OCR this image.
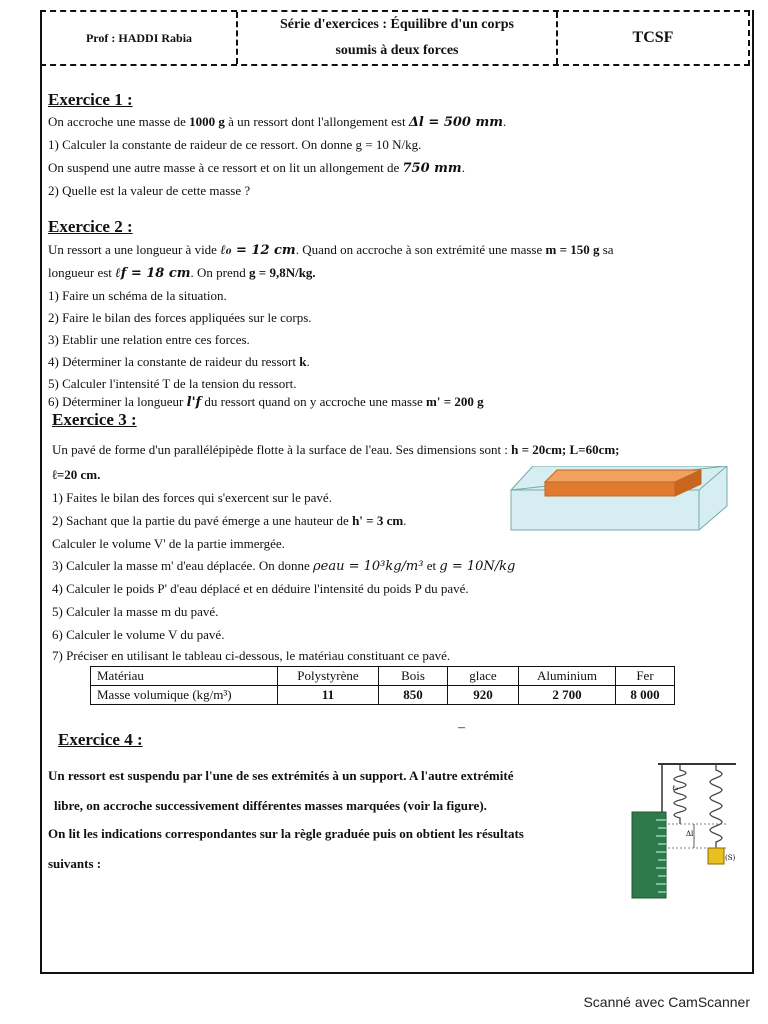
Prof : HADDI Rabia
Série d'exercices : Équilibre d'un corps
soumis à deux forces
TCSF
Exercice 1 :
On accroche une masse de 1000 g à un ressort dont l'allongement est Δl = 500 mm.
1) Calculer la constante de raideur de ce ressort. On donne g = 10 N/kg.
On suspend une autre masse à ce ressort et on lit un allongement de 750 mm.
2) Quelle est la valeur de cette masse ?
Exercice 2 :
Un ressort a une longueur à vide ℓ₀ = 12 cm. Quand on accroche à son extrémité une masse m = 150 g sa
longueur est ℓf = 18 cm. On prend g = 9,8N/kg.
1) Faire un schéma de la situation.
2) Faire le bilan des forces appliquées sur le corps.
3) Etablir une relation entre ces forces.
4) Déterminer la constante de raideur du ressort k.
5) Calculer l'intensité T de la tension du ressort.
6) Déterminer la longueur l'f du ressort quand on y accroche une masse m' = 200 g
Exercice 3 :
Un pavé de forme d'un parallélépipède flotte à la surface de l'eau. Ses dimensions sont : h = 20cm; L=60cm;
ℓ=20 cm.
1) Faites le bilan des forces qui s'exercent sur le pavé.
2) Sachant que la partie du pavé émerge a une hauteur de h' = 3 cm.
Calculer le volume V' de la partie immergée.
3) Calculer la masse m' d'eau déplacée. On donne ρeau = 10³kg/m³ et g = 10N/kg
4) Calculer le poids P' d'eau déplacé et en déduire l'intensité du poids P du pavé.
5) Calculer la masse m du pavé.
6) Calculer le volume V du pavé.
7) Préciser en utilisant le tableau ci-dessous, le matériau constituant ce pavé.
Matériau	Polystyrène	Bois	glace	Aluminium	Fer
Masse volumique (kg/m³)	11	850	920	2 700	8 000
–
Exercice 4 :
Un ressort est suspendu par l'une de ses extrémités à un support. A l'autre extrémité
libre, on accroche successivement différentes masses marquées (voir la figure).
On lit les indications correspondantes sur la règle graduée puis on obtient les résultats
suivants :
ℓ₀
Δl
(S)
Scanné avec CamScanner
